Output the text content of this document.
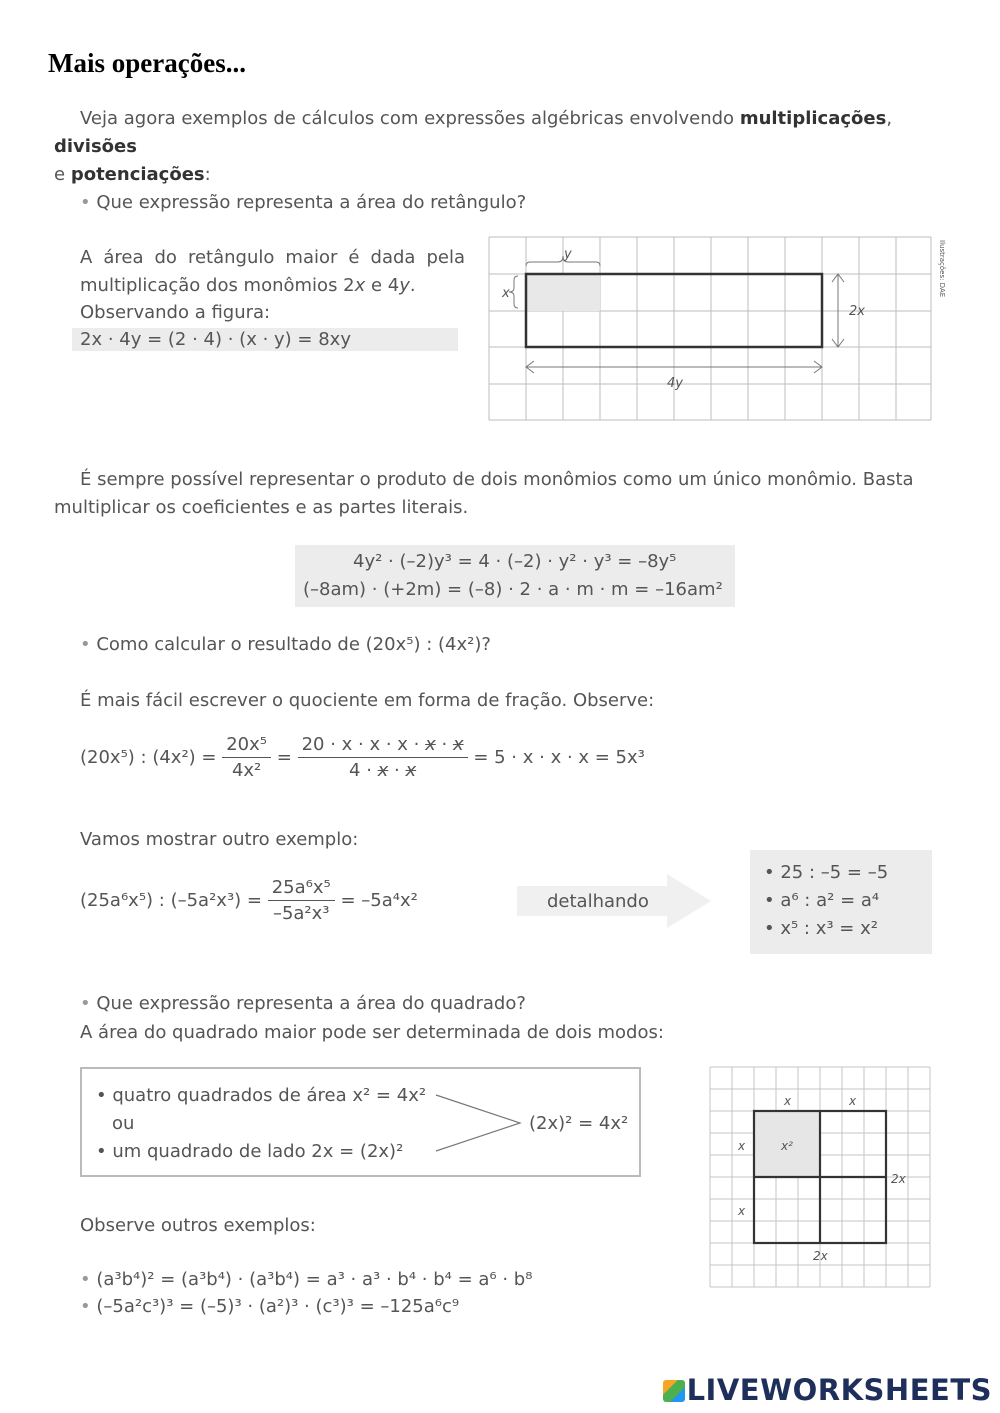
Mais operações...
Veja agora exemplos de cálculos com expressões algébricas envolvendo multiplicações, divisões
e potenciações:
• Que expressão representa a área do retângulo?
A área do retângulo maior é dada pela
multiplicação dos monômios 2x e 4y.
Observando a figura:
2x · 4y = (2 · 4) · (x · y) = 8xy
y
x
2x
4y
Ilustrações: DAE
É sempre possível representar o produto de dois monômios como um único monômio. Basta
multiplicar os coeficientes e as partes literais.
4y² · (–2)y³ = 4 · (–2) · y² · y³ = –8y⁵
(–8am) · (+2m) = (–8) · 2 · a · m · m = –16am²
• Como calcular o resultado de (20x⁵) : (4x²)?
É mais fácil escrever o quociente em forma de fração. Observe:
(20x⁵) : $(4x^2) = \frac{\text{20x⁵}}{\text{4x²}} = \frac{20 \cdot x \cdot x \cdot x \cdot x \cdot x}{4 \cdot x \cdot x} = 5 \cdot x \cdot x \cdot x = 5x^3$
Vamos mostrar outro exemplo:
(25a⁶x⁵) : $(-5a^2x^3) = \frac{\text{25a⁶x⁵}}{\text{–5a²x³}} = -5a^4x^2$	detalhando
• 25 : –5 = –5
• a⁶ : a² = a⁴
• x⁵ : x³ = x²
• Que expressão representa a área do quadrado?
A área do quadrado maior pode ser determinada de dois modos:
• quatro quadrados de área x² = 4x²
ou
• um quadrado de lado 2x = (2x)²
(2x)² = 4x²
x	x
x
x
x²
2x
2x
Observe outros exemplos:
• (a³b⁴)² = (a³b⁴) · (a³b⁴) = a³ · a³ · b⁴ · b⁴ = a⁶ · b⁸
• (–5a²c³)³ = (–5)³ · (a²)³ · (c³)³ = –125a⁶c⁹
LIVEWORKSHEETS
